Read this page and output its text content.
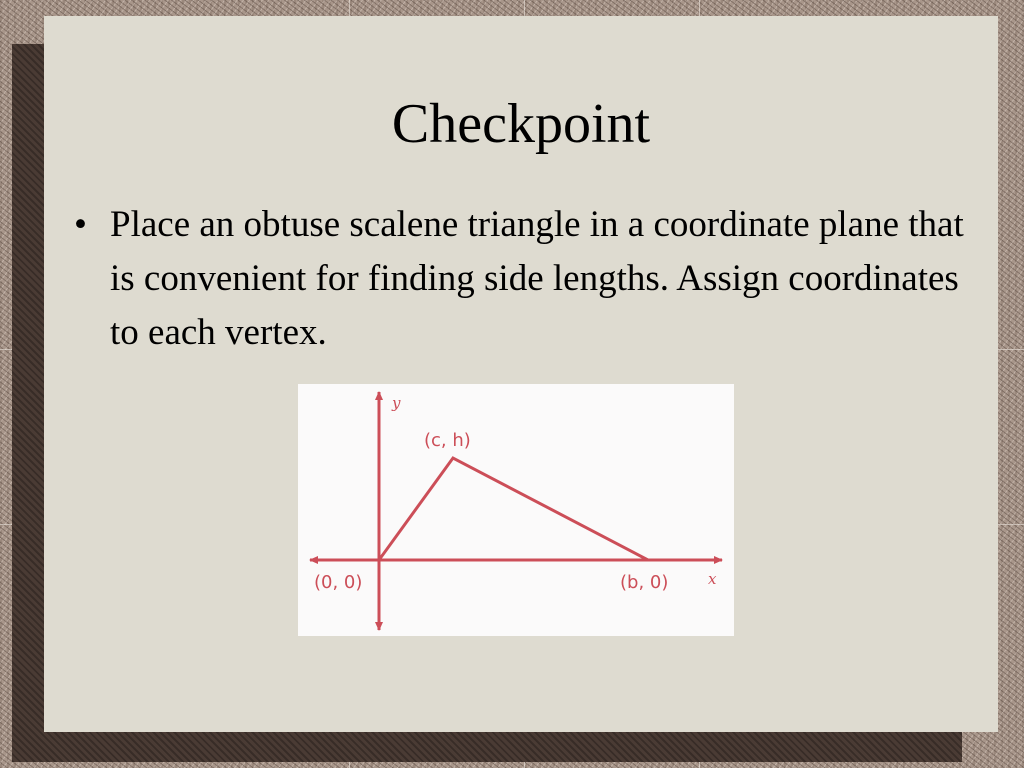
Checkpoint
• Place an obtuse scalene triangle in a coordinate plane that is convenient for finding side lengths. Assign coordinates to each vertex.
y
x
(c, h)
(0, 0)	(b, 0)
